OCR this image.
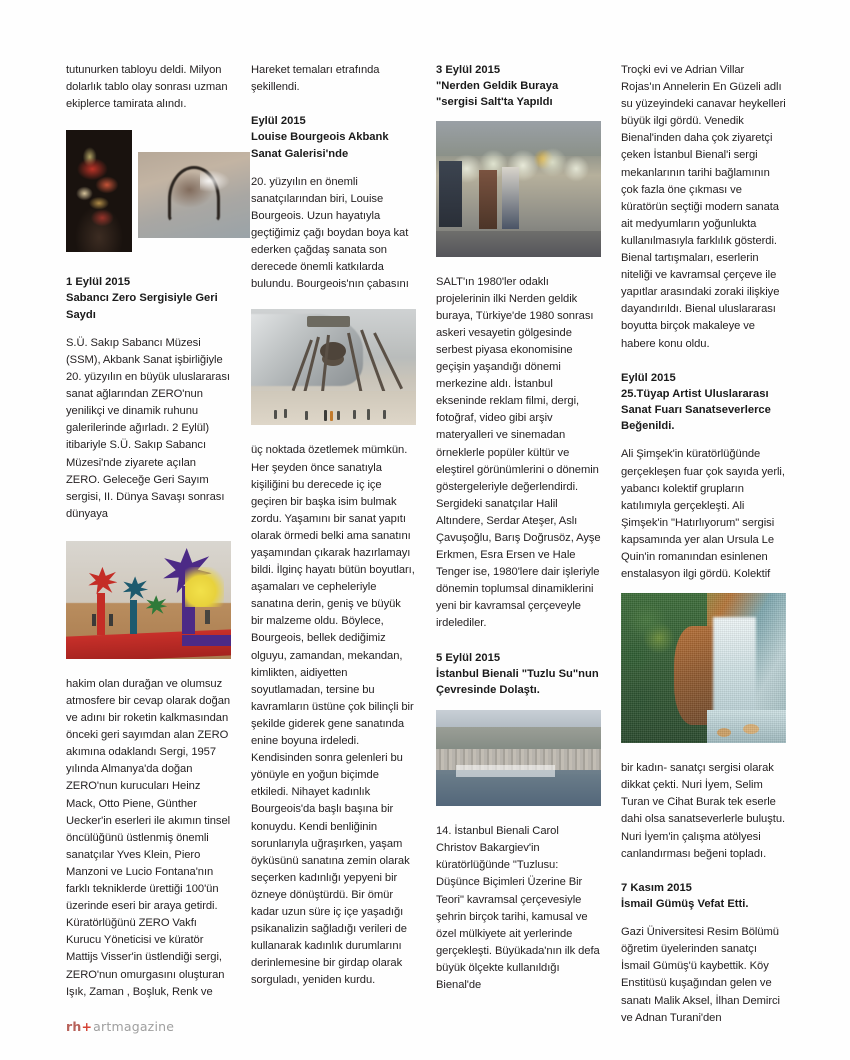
tutunurken tabloyu deldi. Milyon dolarlık tablo olay sonrası uzman ekiplerce tamirata alındı.

1 Eylül 2015
Sabancı Zero Sergisiyle Geri Saydı

S.Ü. Sakıp Sabancı Müzesi (SSM), Akbank Sanat işbirliğiyle 20. yüzyılın en büyük uluslararası sanat ağlarından ZERO'nun yenilikçi ve dinamik ruhunu galerilerinde ağırladı. 2 Eylül) itibariyle S.Ü. Sakıp Sabancı Müzesi'nde ziyarete açılan ZERO. Geleceğe Geri Sayım sergisi, II. Dünya Savaşı sonrası dünyaya

hakim olan durağan ve olumsuz atmosfere bir cevap olarak doğan ve adını bir roketin kalkmasından önceki geri sayımdan alan ZERO akımına odaklandı Sergi, 1957 yılında Almanya'da doğan ZERO'nun kurucuları Heinz Mack, Otto Piene, Günther Uecker'in eserleri ile akımın tinsel öncülüğünü üstlenmiş önemli sanatçılar Yves Klein, Piero Manzoni ve Lucio Fontana'nın farklı tekniklerde ürettiği 100'ün üzerinde eseri bir araya getirdi. Küratörlüğünü ZERO Vakfı Kurucu Yöneticisi ve küratör Mattijs Visser'in üstlendiği sergi, ZERO'nun omurgasını oluşturan Işık, Zaman , Boşluk, Renk ve

Hareket temaları etrafında şekillendi.

Eylül 2015
Louise Bourgeois Akbank Sanat Galerisi'nde

20. yüzyılın en önemli sanatçılarından biri, Louise Bourgeois. Uzun hayatıyla geçtiğimiz çağı boydan boya kat ederken çağdaş sanata son derecede önemli katkılarda bulundu. Bourgeois'nın çabasını

üç noktada özetlemek mümkün. Her şeyden önce sanatıyla kişiliğini bu derecede iç içe geçiren bir başka isim bulmak zordu. Yaşamını bir sanat yapıtı olarak örmedi belki ama sanatını yaşamından çıkarak hazırlamayı bildi. İlginç hayatı bütün boyutları, aşamaları ve cepheleriyle sanatına derin, geniş ve büyük bir malzeme oldu. Böylece, Bourgeois, bellek dediğimiz olguyu, zamandan, mekandan, kimlikten, aidiyetten soyutlamadan, tersine bu kavramların üstüne çok bilinçli bir şekilde giderek gene sanatında enine boyuna irdeledi. Kendisinden sonra gelenleri bu yönüyle en yoğun biçimde etkiledi. Nihayet kadınlık Bourgeois'da başlı başına bir konuydu. Kendi benliğinin sorunlarıyla uğraşırken, yaşam öyküsünü sanatına zemin olarak seçerken kadınlığı yepyeni bir özneye dönüştürdü. Bir ömür kadar uzun süre iç içe yaşadığı psikanalizin sağladığı verileri de kullanarak kadınlık durumlarını derinlemesine bir girdap olarak sorguladı, yeniden kurdu.

3 Eylül 2015
"Nerden Geldik Buraya "sergisi Salt'ta Yapıldı

SALT'ın 1980'ler odaklı projelerinin ilki Nerden geldik buraya, Türkiye'de 1980 sonrası askeri vesayetin gölgesinde serbest piyasa ekonomisine geçişin yaşandığı dönemi merkezine aldı. İstanbul ekseninde reklam filmi, dergi, fotoğraf, video gibi arşiv materyalleri ve sinemadan örneklerle popüler kültür ve eleştirel görünümlerini o dönemin göstergeleriyle değerlendirdi. Sergideki sanatçılar Halil Altındere, Serdar Ateşer, Aslı Çavuşoğlu, Barış Doğrusöz, Ayşe Erkmen, Esra Ersen ve Hale Tenger ise, 1980'lere dair işleriyle dönemin toplumsal dinamiklerini yeni bir kavramsal çerçeveyle irdelediler.

5 Eylül 2015
İstanbul Bienali "Tuzlu Su"nun Çevresinde Dolaştı.

14. İstanbul Bienali Carol Christov Bakargiev'in küratörlüğünde "Tuzlusu: Düşünce Biçimleri Üzerine Bir Teori" kavramsal çerçevesiyle şehrin birçok tarihi, kamusal ve özel mülkiyete ait yerlerinde gerçekleşti. Büyükada'nın ilk defa büyük ölçekte kullanıldığı Bienal'de

Troçki evi ve Adrian Villar Rojas'ın Annelerin En Güzeli adlı su yüzeyindeki canavar heykelleri büyük ilgi gördü. Venedik Bienal'inden daha çok ziyaretçi çeken İstanbul Bienal'i sergi mekanlarının tarihi bağlamının çok fazla öne çıkması ve küratörün seçtiği modern sanata ait medyumların yoğunlukta kullanılmasıyla farklılık gösterdi. Bienal tartışmaları, eserlerin niteliği ve kavramsal çerçeve ile yapıtlar arasındaki zoraki ilişkiye dayandırıldı. Bienal uluslararası boyutta birçok makaleye ve habere konu oldu.

Eylül 2015
25.Tüyap Artist Uluslararası Sanat Fuarı Sanatseverlerce Beğenildi.

Ali Şimşek'in küratörlüğünde gerçekleşen fuar çok sayıda yerli, yabancı kolektif grupların katılımıyla gerçekleşti. Ali Şimşek'in "Hatırlıyorum" sergisi kapsamında yer alan Ursula Le Quin'in romanından esinlenen enstalasyon ilgi gördü. Kolektif

bir kadın- sanatçı sergisi olarak dikkat çekti. Nuri İyem, Selim Turan ve Cihat Burak tek eserle dahi olsa sanatseverlerle buluştu. Nuri İyem'in çalışma atölyesi canlandırması beğeni topladı.

7 Kasım 2015
İsmail Gümüş Vefat Etti.

Gazi Üniversitesi Resim Bölümü öğretim üyelerinden sanatçı İsmail Gümüş'ü kaybettik. Köy Enstitüsü kuşağından gelen ve sanatı Malik Aksel, İlhan Demirci ve Adnan Turani'den

rh + artmagazine
